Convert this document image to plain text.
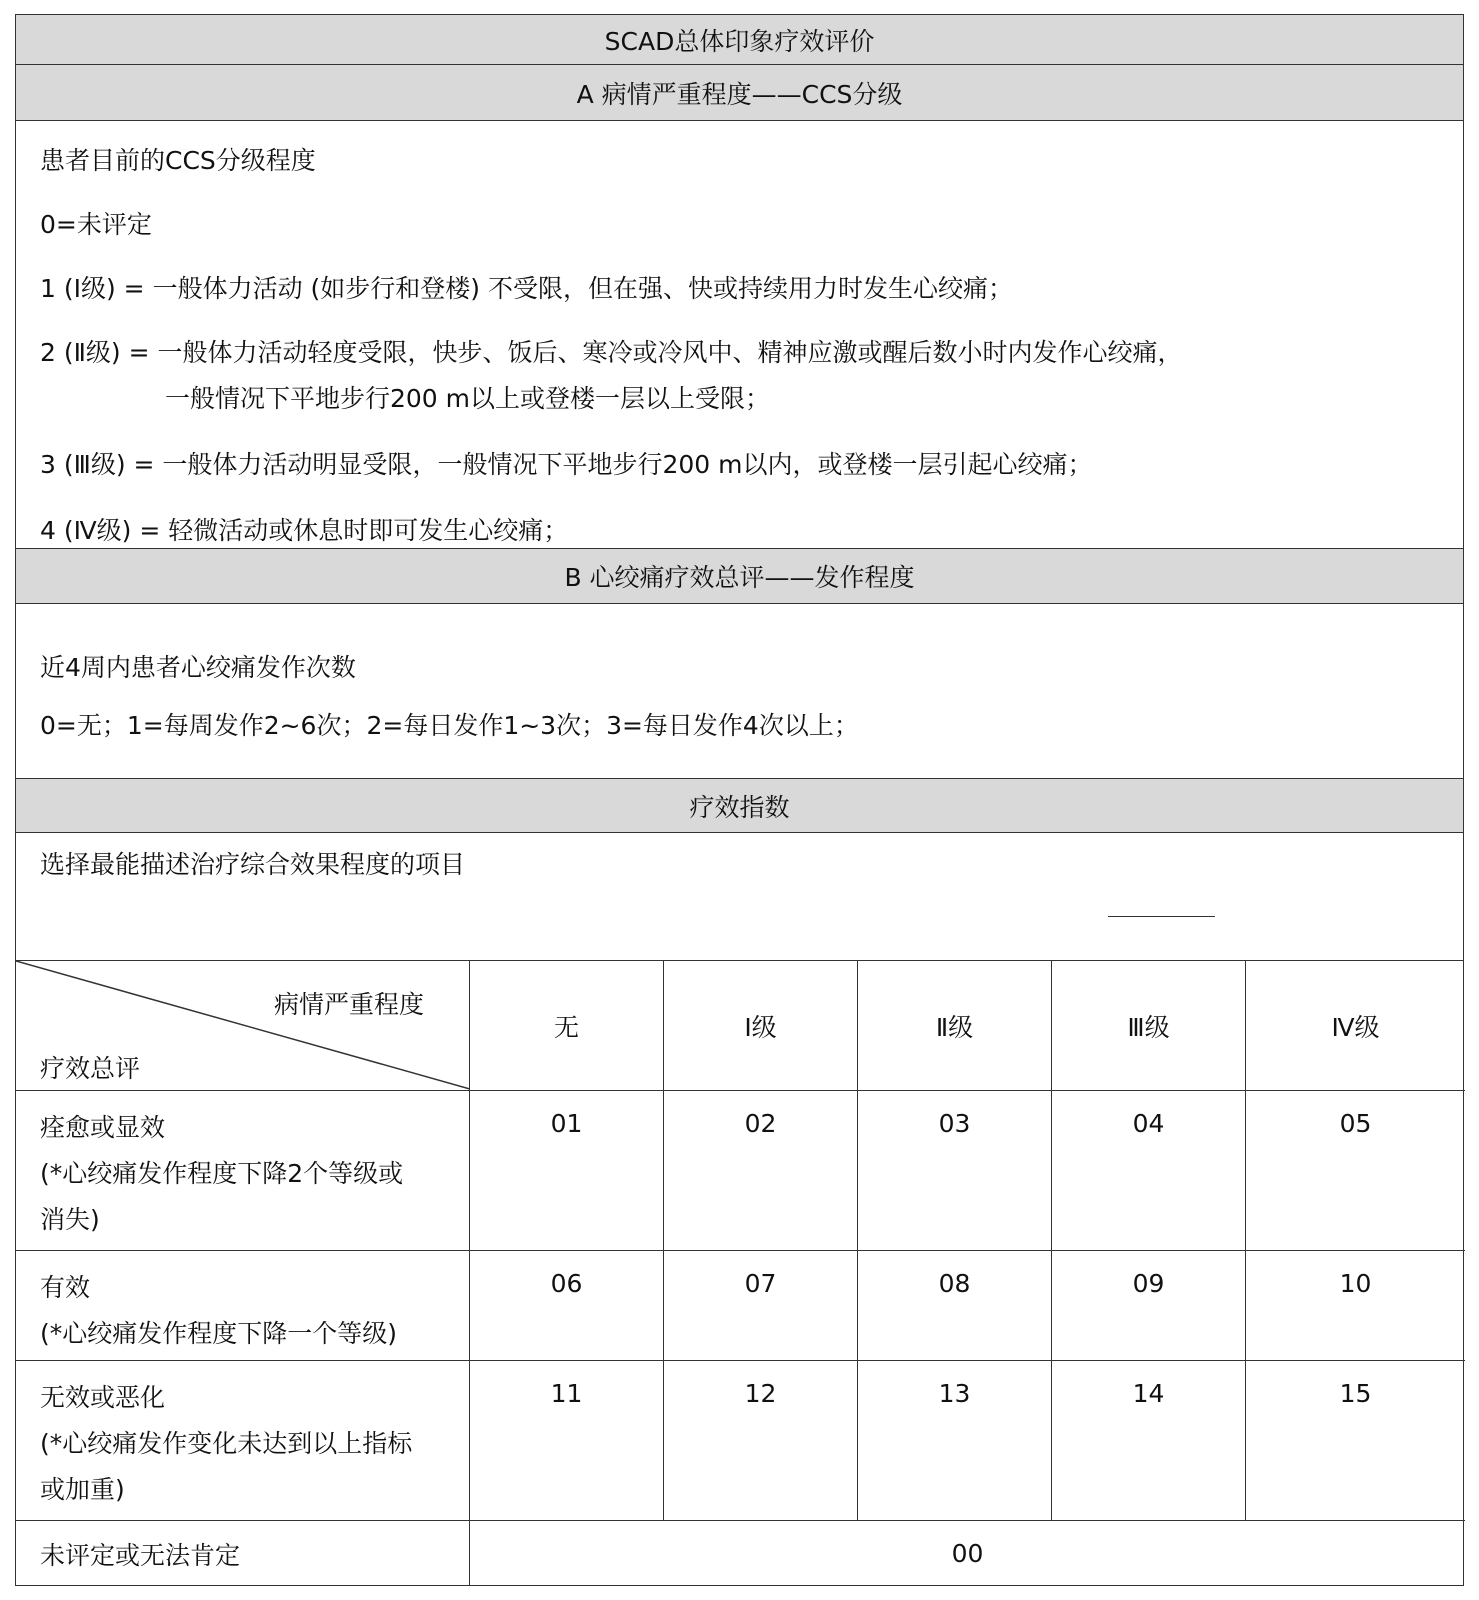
SCAD总体印象疗效评价
A 病情严重程度——CCS分级
患者目前的CCS分级程度
0=未评定
1 (Ⅰ级) = 一般体力活动 (如步行和登楼) 不受限，但在强、快或持续用力时发生心绞痛；
2 (Ⅱ级) = 一般体力活动轻度受限，快步、饭后、寒冷或冷风中、精神应激或醒后数小时内发作心绞痛，
一般情况下平地步行200 m以上或登楼一层以上受限；
3 (Ⅲ级) = 一般体力活动明显受限，一般情况下平地步行200 m以内，或登楼一层引起心绞痛；
4 (Ⅳ级) = 轻微活动或休息时即可发生心绞痛；
B 心绞痛疗效总评——发作程度
近4周内患者心绞痛发作次数
0=无；1=每周发作2~6次；2=每日发作1~3次；3=每日发作4次以上；
疗效指数
选择最能描述治疗综合效果程度的项目
病情严重程度
疗效总评
无	Ⅰ级	Ⅱ级	Ⅲ级	Ⅳ级
痊愈或显效
(*心绞痛发作程度下降2个等级或
消失)
01	02	03	04	05
有效
(*心绞痛发作程度下降一个等级)
06	07	08	09	10
无效或恶化
(*心绞痛发作变化未达到以上指标
或加重)
11	12	13	14	15
未评定或无法肯定	00
